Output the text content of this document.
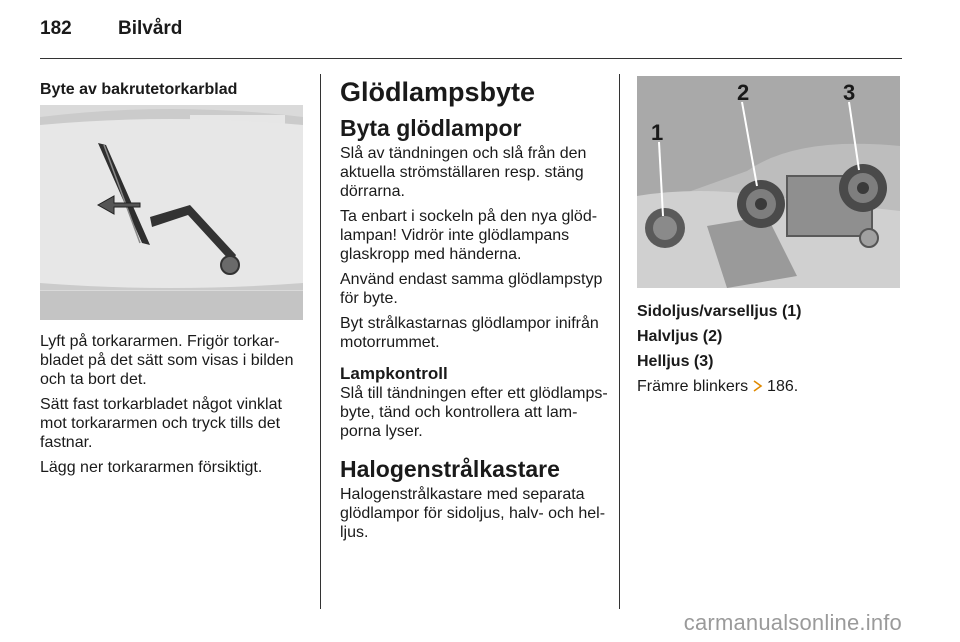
182 Bilvård
Byte av bakrutetorkarblad

Lyft på torkararmen. Frigör torkar-bladet på det sätt som visas i bilden och ta bort det.

Sätt fast torkarbladet något vinklat mot torkararmen och tryck tills det fastnar.

Lägg ner torkararmen försiktigt.

Glödlampsbyte
Byta glödlampor

Slå av tändningen och slå från den aktuella strömställaren resp. stäng dörrarna.

Ta enbart i sockeln på den nya glöd-lampan! Vidrör inte glödlampans glaskropp med händerna.

Använd endast samma glödlampstyp för byte.

Byt strålkastarnas glödlampor inifrån motorrummet.

Lampkontroll

Slå till tändningen efter ett glödlamps-byte, tänd och kontrollera att lam-porna lyser.

Halogenstrålkastare

Halogenstrålkastare med separata glödlampor för sidoljus, halv- och hel-ljus.

1
2	3

Sidoljus/varselljus (1)

Halvljus (2)

Helljus (3)

Främre blinkers 186.

carmanualsonline.info
